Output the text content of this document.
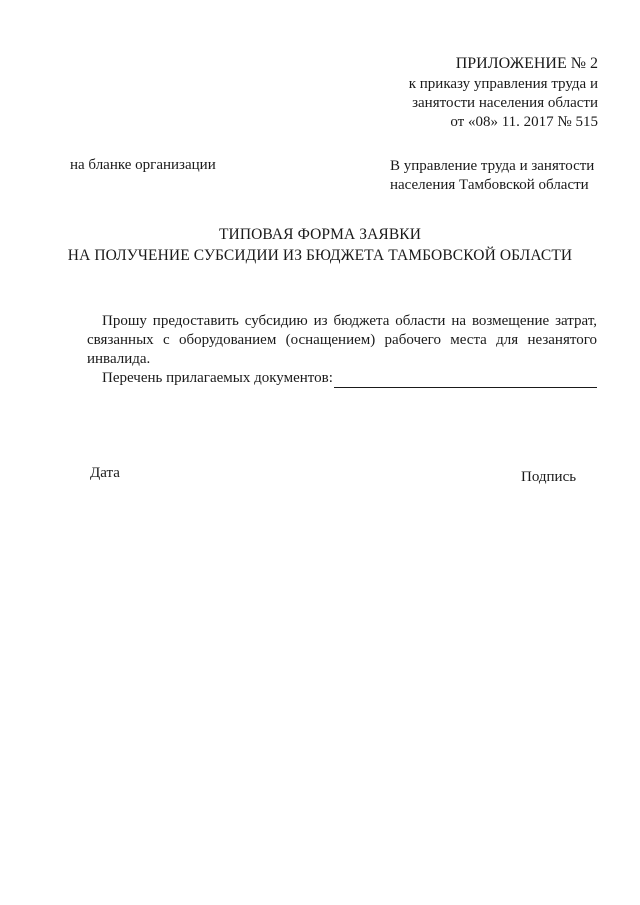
ПРИЛОЖЕНИЕ № 2
к приказу управления труда и
занятости населения области
от «08» 11. 2017 № 515
на бланке организации	В управление труда и занятости
населения Тамбовской области
ТИПОВАЯ ФОРМА ЗАЯВКИ
НА ПОЛУЧЕНИЕ СУБСИДИИ ИЗ БЮДЖЕТА ТАМБОВСКОЙ ОБЛАСТИ

Прошу предоставить субсидию из бюджета области на возмещение затрат, связанных с оборудованием (оснащением) рабочего места для незанятого инвалида.

Перечень прилагаемых документов:
Дата	Подпись
